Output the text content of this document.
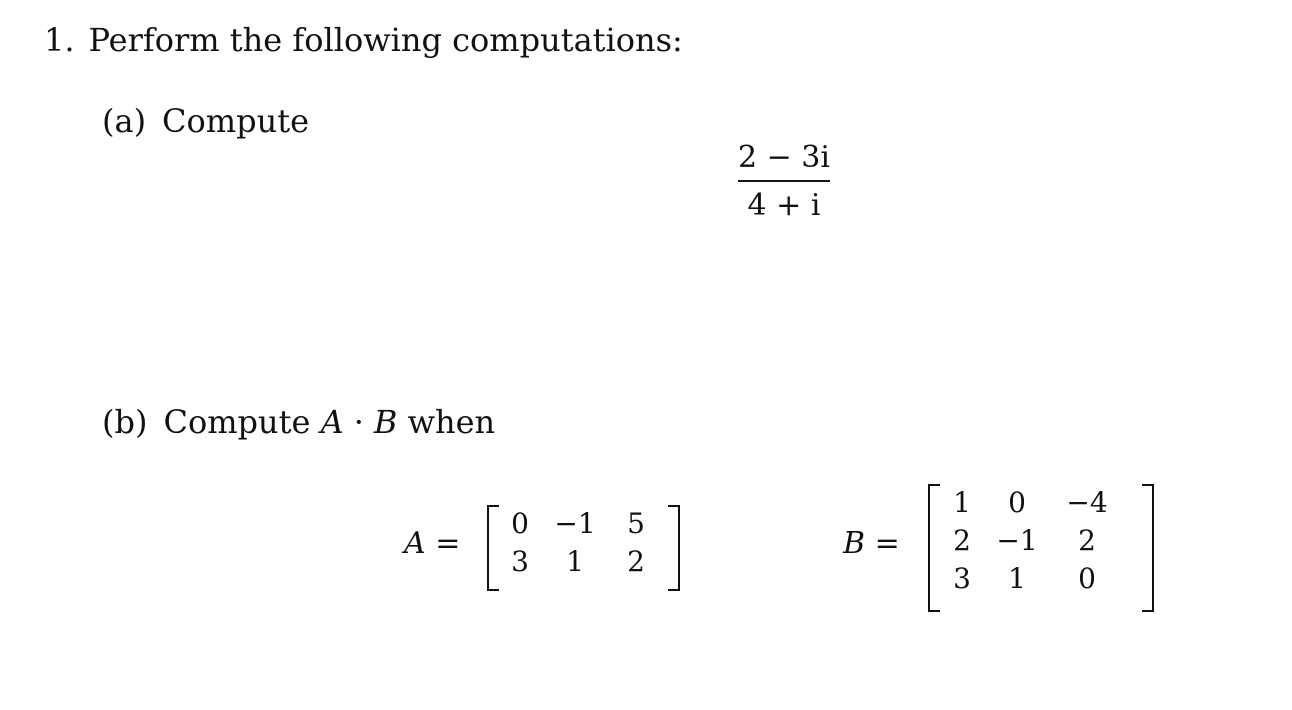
1. Perform the following computations:
(a) Compute
2 − 3i
4 + i
(b) Compute A · B when
A =
0	−1	5
3	1	2
B =
1	0	−4
2	−1	2
3	1	0
